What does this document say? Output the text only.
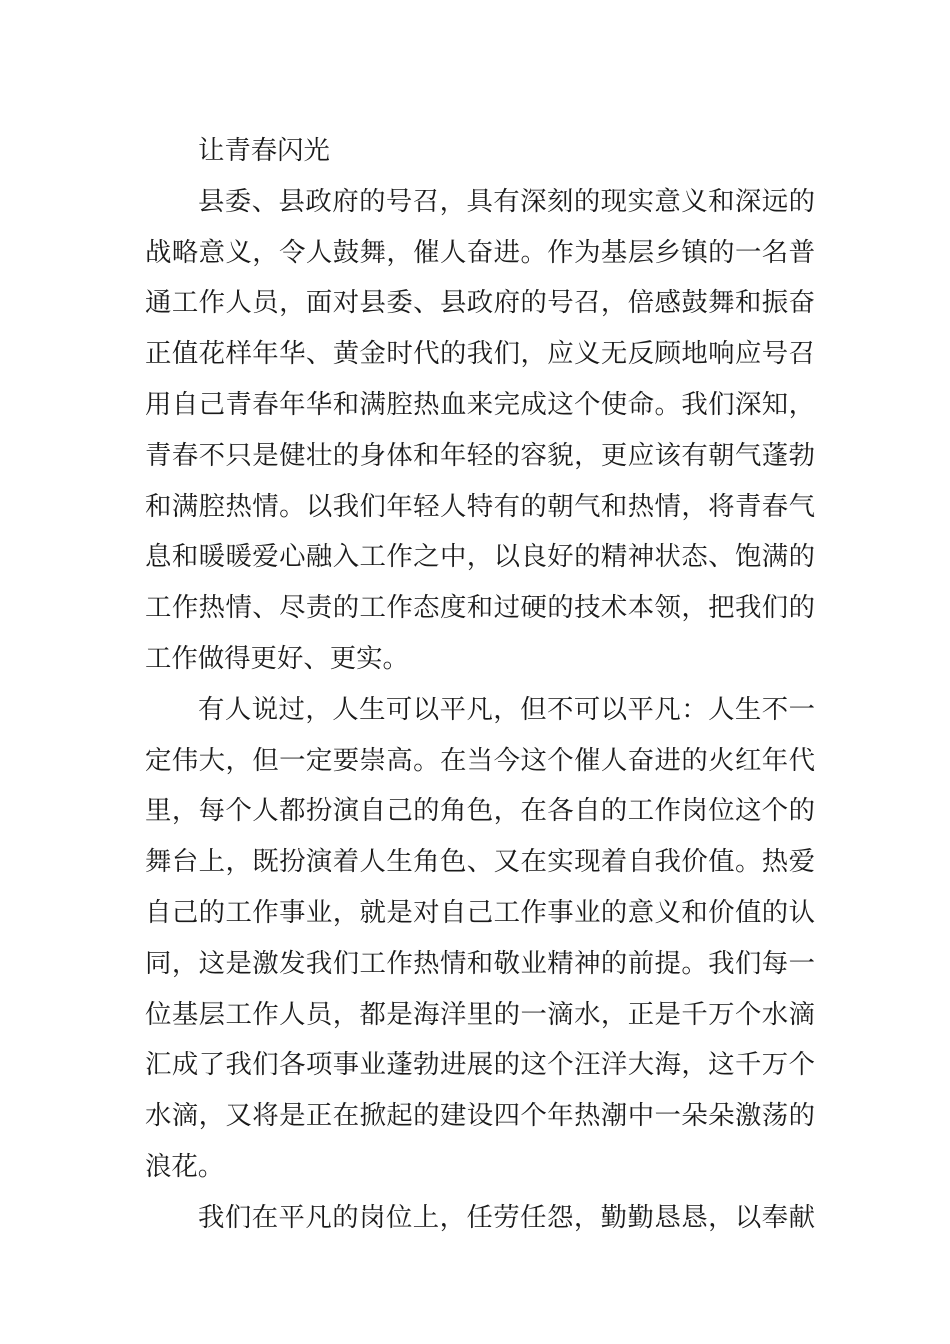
让青春闪光
县委、县政府的号召，具有深刻的现实意义和深远的
战略意义，令人鼓舞，催人奋进。作为基层乡镇的一名普
通工作人员，面对县委、县政府的号召，倍感鼓舞和振奋
正值花样年华、黄金时代的我们，应义无反顾地响应号召
用自己青春年华和满腔热血来完成这个使命。我们深知，
青春不只是健壮的身体和年轻的容貌，更应该有朝气蓬勃
和满腔热情。以我们年轻人特有的朝气和热情，将青春气
息和暖暖爱心融入工作之中，以良好的精神状态、饱满的
工作热情、尽责的工作态度和过硬的技术本领，把我们的
工作做得更好、更实。
有人说过，人生可以平凡，但不可以平凡：人生不一
定伟大，但一定要崇高。在当今这个催人奋进的火红年代
里，每个人都扮演自己的角色，在各自的工作岗位这个的
舞台上，既扮演着人生角色、又在实现着自我价值。热爱
自己的工作事业，就是对自己工作事业的意义和价值的认
同，这是激发我们工作热情和敬业精神的前提。我们每一
位基层工作人员，都是海洋里的一滴水，正是千万个水滴
汇成了我们各项事业蓬勃进展的这个汪洋大海，这千万个
水滴，又将是正在掀起的建设四个年热潮中一朵朵激荡的
浪花。
我们在平凡的岗位上，任劳任怨，勤勤恳恳，以奉献
